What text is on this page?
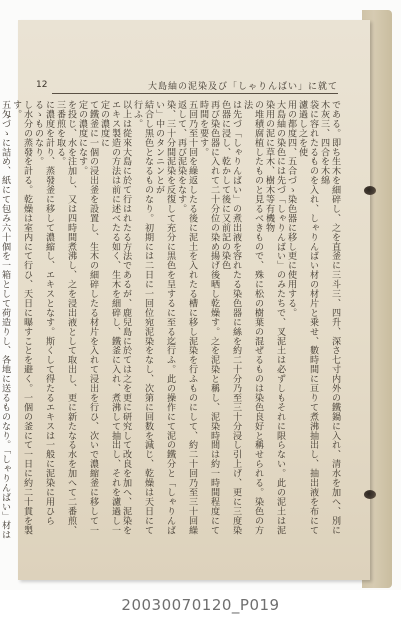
12	大島紬の泥染及び「しゃりんばい」に就て

である。即ち生木を細碎し、之を直釜に三斗三、四升、深さ七寸内外の鐵鍋に入れ、清水を加へ、別に木灰三、四合を木綿

袋に容れたるものを入れ、しゃりんばい材の材片と乗せ、數時間に亘りて煮沸抽出し、抽出液を布にて濾過し之を使

用の都度四、五合づゝ染色器に移し更に使用する。

大島紬の染色には先づ「しゃりんばい」のみたちで、叉泥土は必ずしもそれに限らない。此の泥土は泥染用の泥に草木、樹木等有機物

の堆積腐植したものと見るべきもので、殊に松の樹葉の混ぜるものは染色良好と稱せられる。染色の方法

は先づ「しゃりんばい」の煮出液を容れたる染色器に絲を約二十分乃至三十分浸し引上げ、更に三度染色器に浸し、乾かして後に又前記の染色

再び染色器に入れて二十分位の染め揚げ後晒し乾燥す。之を泥染と稱し、泥染時間は約一時間程度にて時間を要す。

五回乃至十回を繰返したる後に泥土を入れたる槽に移し泥染を行ふものにして、約二十回乃至三十回繰返して、再び泥染をなす。

染、三十分間泥染を反復して充分に黒色を呈するに至る迄行ふ。此の操作にて泥の鐵分と「しゃりんばい」中のタンニンとが

結合し黒色となるものなり。初期には二日に一回位宛泥染をなし、次第に回数を減じ、乾燥は天日にて行ふ。

以上は從來大島に於て行はれたる方法であるが、鹿兒島に於ては之を更に研究して改良を加へ、泥染を

エキス製造の方法は前に述べたる如く、生木を細碎し、鐵釜に入れ、煮沸して抽出し、それを濾過し一定の濃度に

て鐵釜に一個の浸出釜を設置し、生木の細碎したる材片を入れて浸出を行ひ、次いで濃縮釜に移して一定の濃度になす。

を投じ、水を注加し、又は四時間煮沸し、之を浸出液として取出し、更に新たなる水を加へて二番煎、三番煎を取る。

に濃度を計り、蒸發釜に移して濃縮し、エキスとなす。斯くして得たるエキスは一般に泥染に用ひらるゝものなり。

し水分の蒸發を計る。乾燥は室内にて行ひ、天日に曝すことを避く。一個の釜にて一日に約二十貫を製す。

五匁づゝに詰め、紙にて包み六十個を一箱として荷造りし、各地に送るものなり。「しゃりんばい」材は

20030070120_P019
